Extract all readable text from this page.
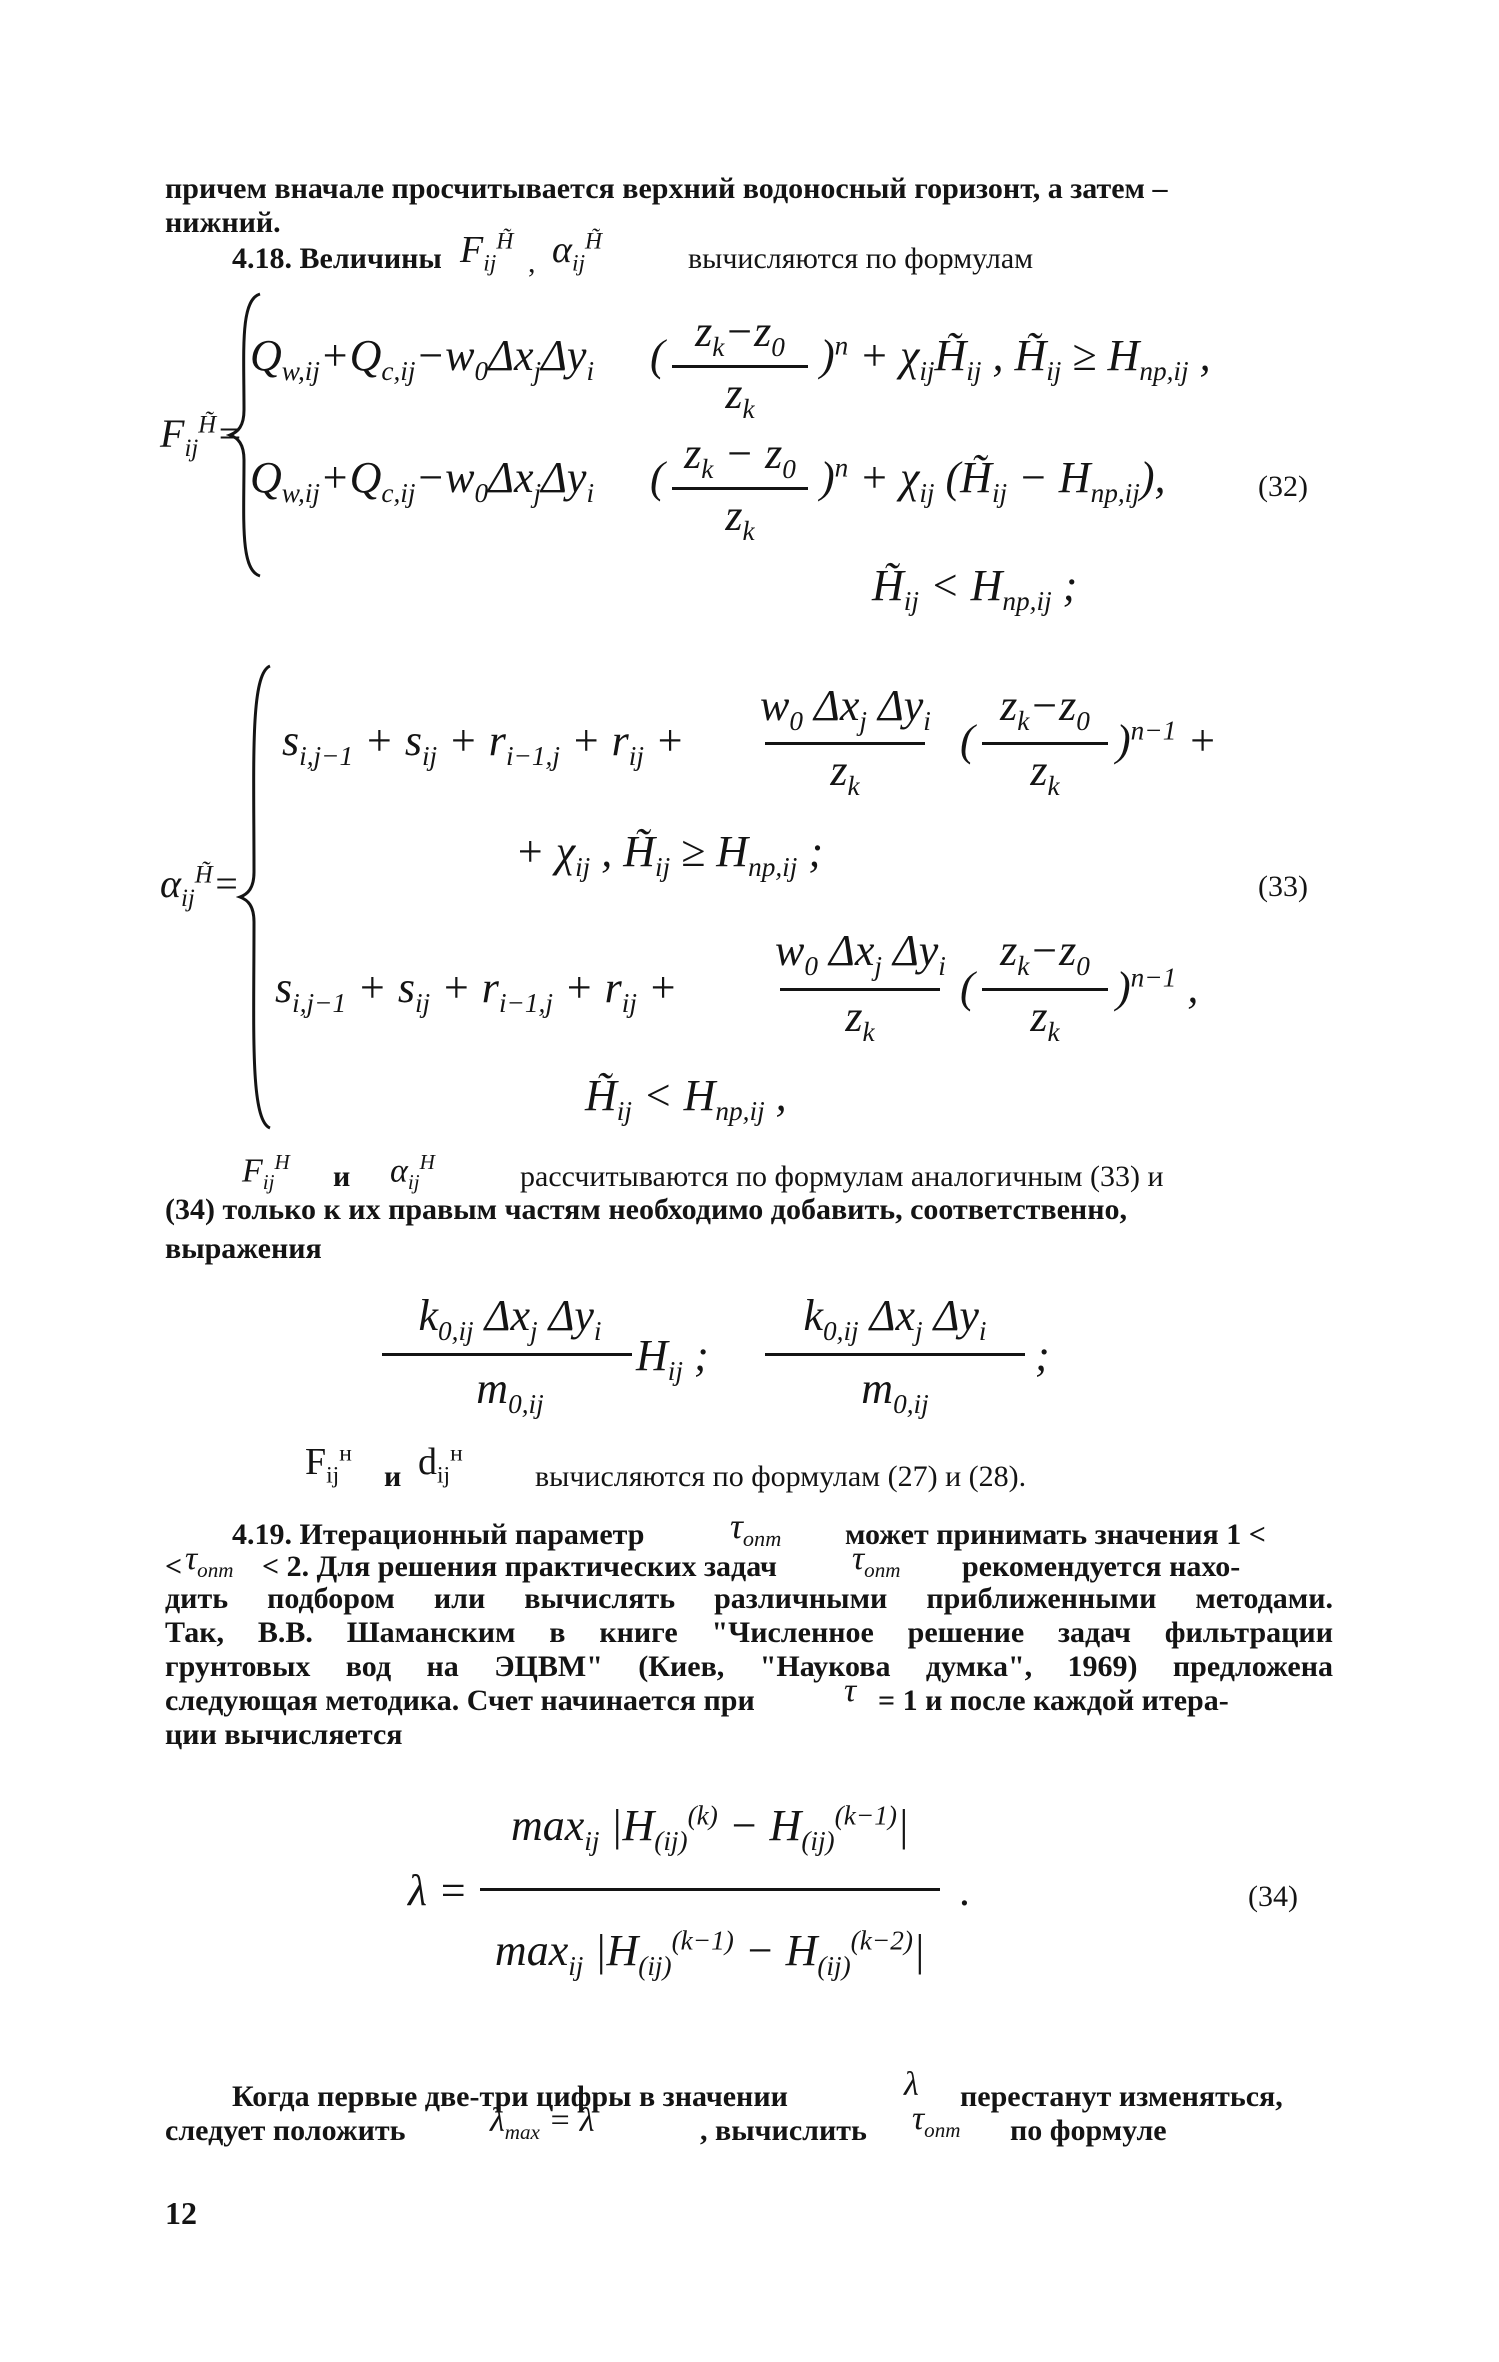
причем вначале просчитывается верхний водоносный горизонт, а затем –
нижний.
4.18. Величины $F_{ij}^{H̃}$
, $\alpha_{ij}^{H̃}$
вычисляются по формулам
$F_{ij}^{H̃}=$
$Q_{w,ij}+Q_{c,ij}-w_0\Delta x_j\Delta y_i$
$z_k-z_0$
$z_k$
)$^n + \chi_{ij}H̃_{ij}$ , $H̃_{ij} \ge H_{пр,ij}$ ,
(
$Q_{w,ij}+Q_{c,ij}-w_0\Delta x_j\Delta y_i$ ( $z_k - z_0$
$z_k$
)$^n + \chi_{ij}$ $(H̃_{ij} - H_{пр,ij})$,
$H̃_{ij} < H_{пр,ij}$ ;
(32)
$\alpha_{ij}^{H̃}=$
$s_{i,j-1} + s_{ij} + r_{i-1,j} + r_{ij}$ +
$w_0$ $\Delta x_j$ $\Delta y_i$
$z_k$
(
$z_k-z_0$
$z_k$
)$^{n-1}$ +
+ $\chi_{ij}$ , $H̃_{ij} \ge H_{пр,ij}$ ;
$s_{i,j-1} + s_{ij} + r_{i-1,j} + r_{ij}$ +
$w_0$ $\Delta x_j$ $\Delta y_i$
$z_k$
(
$z_k-z_0$
$z_k$
)$^{n-1}$ ,
$H̃_{ij} < H_{пр,ij}$ ,
(33)
$F_{ij}^H$ и $\alpha_{ij}^H$	рассчитываются по формулам аналогичным (33) и
(34) только к их правым частям необходимо добавить, соответственно,
выражения
$k_{0,ij}$ $\Delta x_j$ $\Delta y_i$
$m_{0,ij}$
$H_{ij}$ ;
$k_{0,ij}$ $\Delta x_j$ $\Delta y_i$
$m_{0,ij}$
;
$F_{ij}^н$
и $d_{ij}^н$
вычисляются по формулам (27) и (28).
4.19. Итерационный параметр $\tau_{опт}$ может принимать значения 1 <
< $\tau_{опт} < 2$. Для решения практических задач $\tau_{опт}$ рекомендуется нахо-
дить подбором или вычислять различными приближенными методами.
Так, В.В. Шаманским в книге "Численное решение задач фильтрации
грунтовых вод на ЭЦВМ" (Киев, "Наукова думка", 1969) предложена
следующая методика. Счет начинается при	τ = 1 и после каждой итера-
ции вычисляется
λ =
$\max_{ij} |H_{(ij)}^{(k)} - H_{(ij)}^{(k-1)}|$
$\max_{ij} |H_{(ij)}^{(k-1)} - H_{(ij)}^{(k-2)}|$
.	(34)
Когда первые две-три цифры в значении	λ перестанут изменяться,
следует положить $\lambda_{max} = \lambda$	, вычислить $\tau_{опт}$ по формуле
12
